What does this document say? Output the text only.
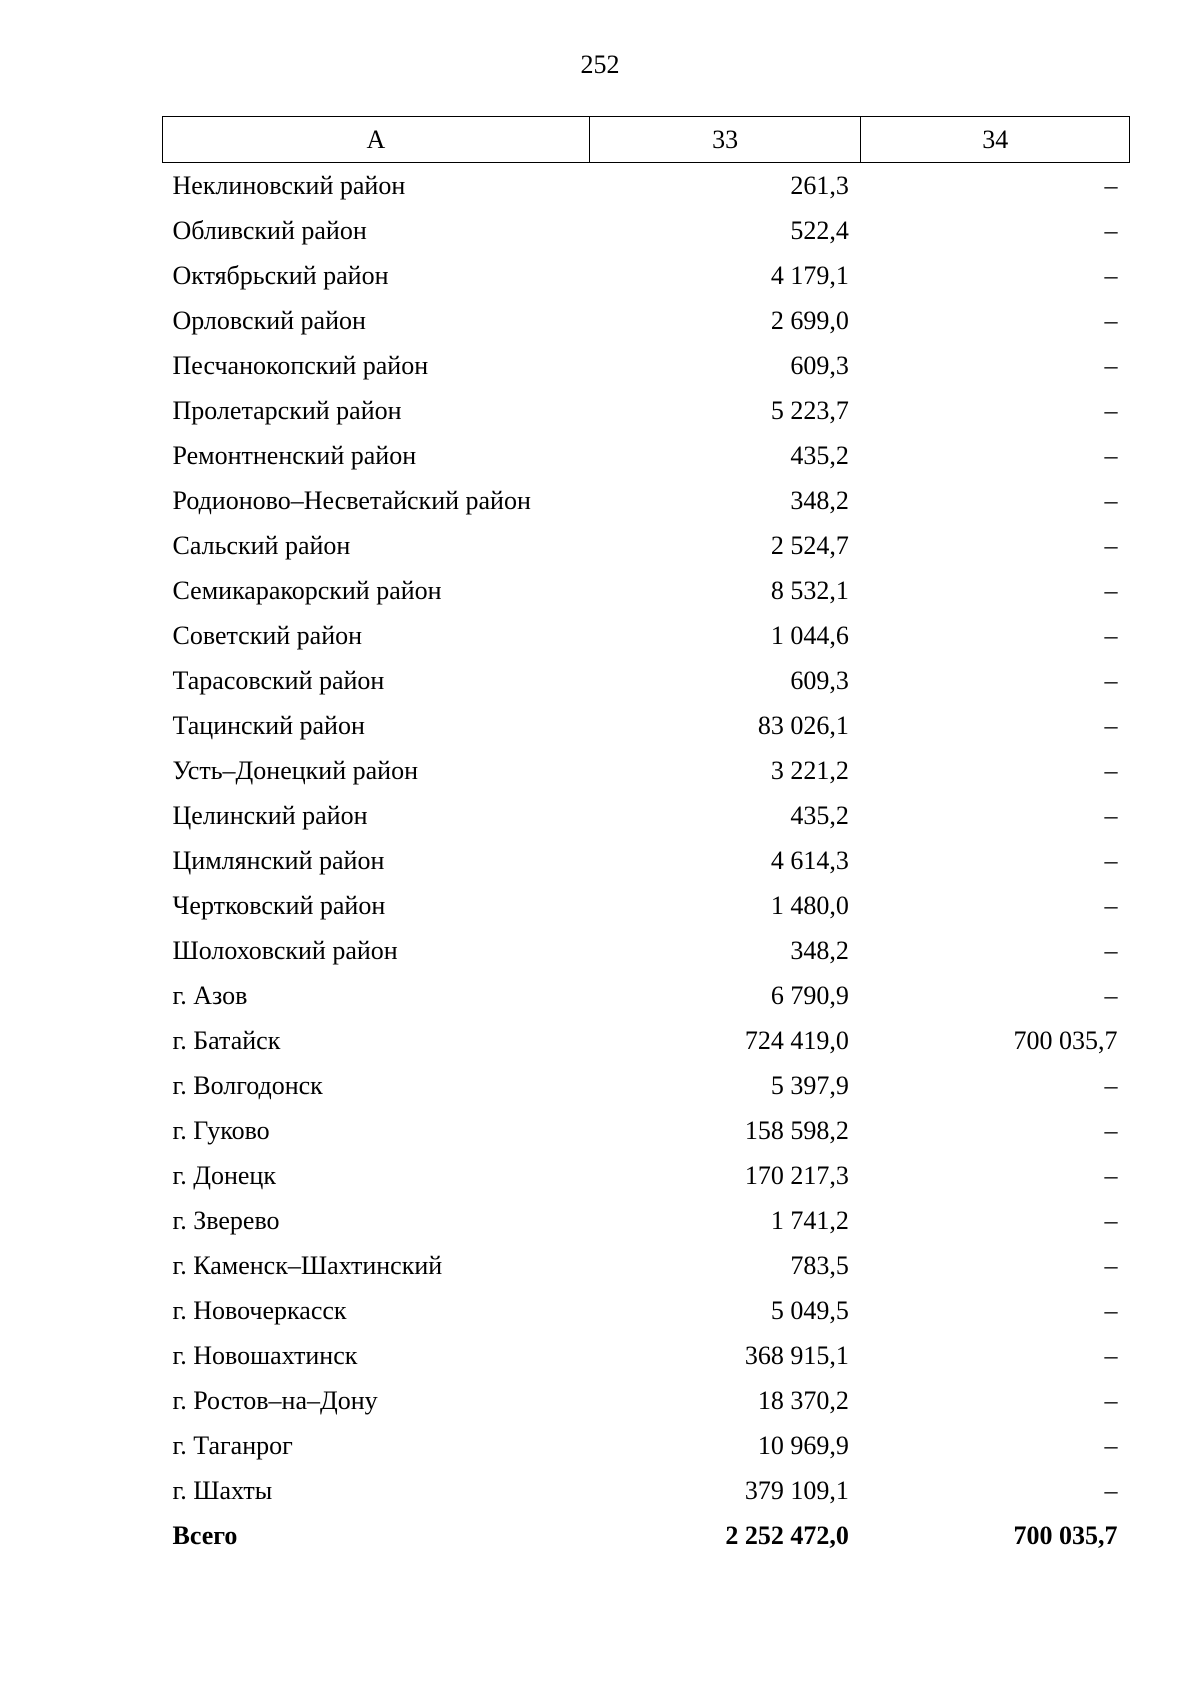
252
А	33	34
Неклиновский район	261,3	–
Обливский район	522,4	–
Октябрьский район	4 179,1	–
Орловский район	2 699,0	–
Песчанокопский район	609,3	–
Пролетарский район	5 223,7	–
Ремонтненский район	435,2	–
Родионово–Несветайский район	348,2	–
Сальский район	2 524,7	–
Семикаракорский район	8 532,1	–
Советский район	1 044,6	–
Тарасовский район	609,3	–
Тацинский район	83 026,1	–
Усть–Донецкий район	3 221,2	–
Целинский район	435,2	–
Цимлянский район	4 614,3	–
Чертковский район	1 480,0	–
Шолоховский район	348,2	–
г. Азов	6 790,9	–
г. Батайск	724 419,0	700 035,7
г. Волгодонск	5 397,9	–
г. Гуково	158 598,2	–
г. Донецк	170 217,3	–
г. Зверево	1 741,2	–
г. Каменск–Шахтинский	783,5	–
г. Новочеркасск	5 049,5	–
г. Новошахтинск	368 915,1	–
г. Ростов–на–Дону	18 370,2	–
г. Таганрог	10 969,9	–
г. Шахты	379 109,1	–
Всего	2 252 472,0	700 035,7
